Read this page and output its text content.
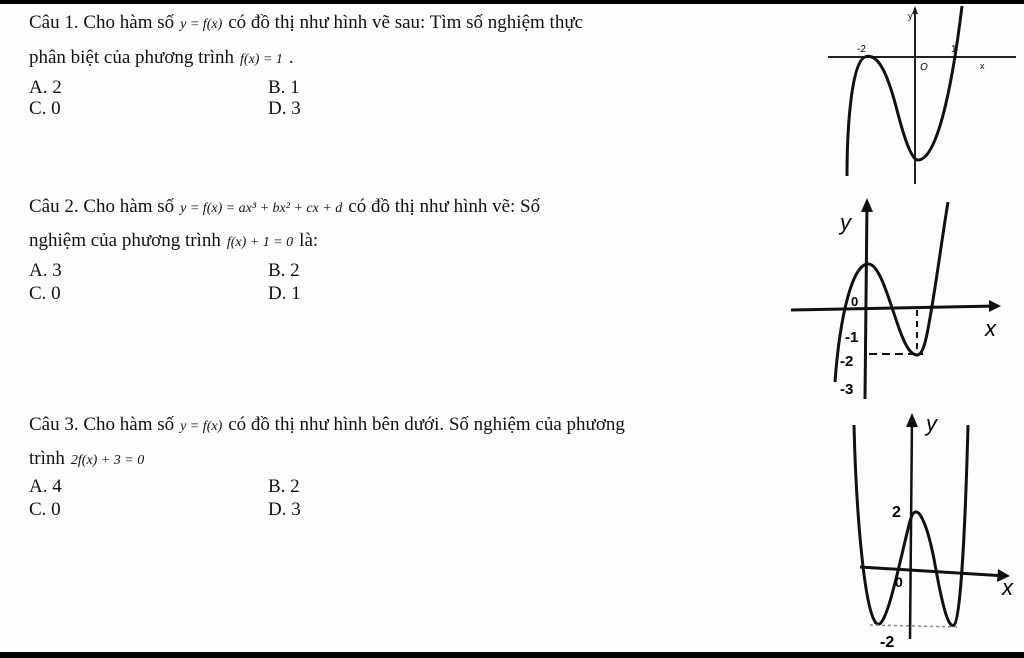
Câu 1. Cho hàm số y = f(x) có đồ thị như hình vẽ sau: Tìm số nghiệm thực
phân biệt của phương trình f(x) = 1 .
A. 2	B. 1
C. 0	D. 3
y
x
-2	1
O
Câu 2. Cho hàm số y = f(x) = ax³ + bx² + cx + d có đồ thị như hình vẽ: Số
nghiệm của phương trình f(x) + 1 = 0 là:
A. 3	B. 2
C. 0	D. 1
y
x
0
-1
-2
-3
Câu 3. Cho hàm số y = f(x) có đồ thị như hình bên dưới. Số nghiệm của phương
trình 2f(x) + 3 = 0
A. 4	B. 2
C. 0	D. 3
y
x
2
0
-2
